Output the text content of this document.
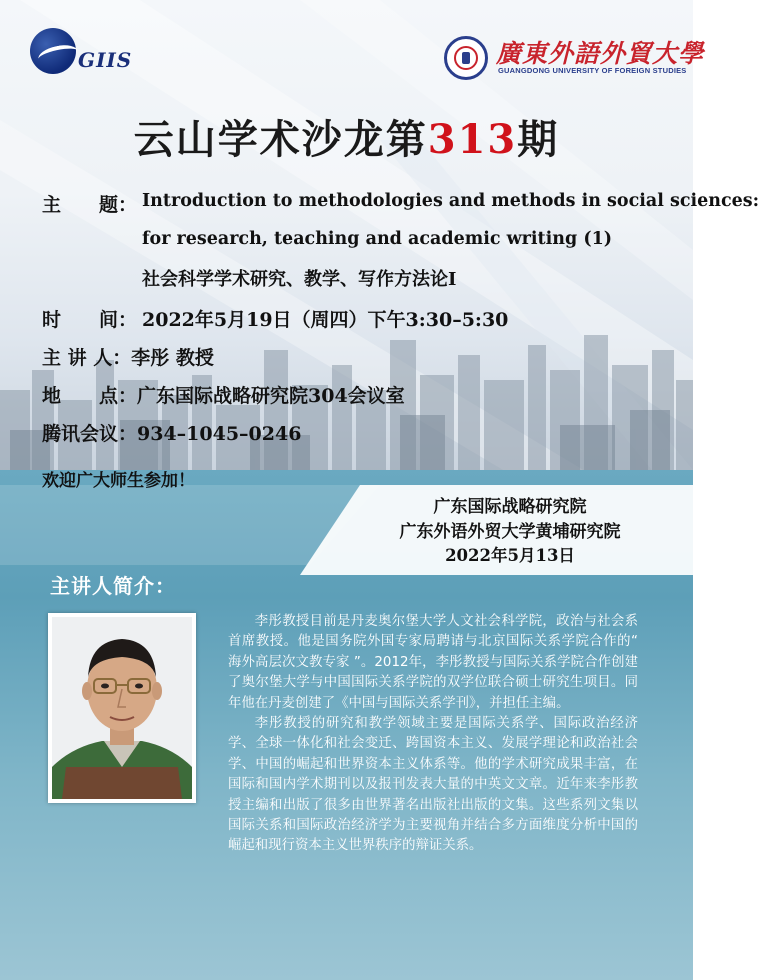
GIIS	廣東外語外貿大學
GUANGDONG UNIVERSITY OF FOREIGN STUDIES
云山学术沙龙第313期
主　　题： Introduction to methodologies and methods in social sciences:
for research, teaching and academic writing (1)
社会科学学术研究、教学、写作方法论I
时　　间： 2022年5月19日（周四）下午3:30–5:30
主 讲 人：李彤 教授
地　　点：广东国际战略研究院304会议室
腾讯会议：934–1045–0246
欢迎广大师生参加！
广东国际战略研究院
广东外语外贸大学黄埔研究院
2022年5月13日
主讲人简介：

李彤教授目前是丹麦奥尔堡大学人文社会科学院，政治与社会系首席教授。他是国务院外国专家局聘请与北京国际关系学院合作的“ 海外高层次文教专家 ”。2012年，李彤教授与国际关系学院合作创建了奥尔堡大学与中国国际关系学院的双学位联合硕士研究生项目。同年他在丹麦创建了《中国与国际关系学刊》，并担任主编。

李彤教授的研究和教学领域主要是国际关系学、国际政治经济学、全球一体化和社会变迁、跨国资本主义、发展学理论和政治社会学、中国的崛起和世界资本主义体系等。他的学术研究成果丰富，在国际和国内学术期刊以及报刊发表大量的中英文文章。近年来李彤教授主编和出版了很多由世界著名出版社出版的文集。这些系列文集以国际关系和国际政治经济学为主要视角并结合多方面维度分析中国的崛起和现行资本主义世界秩序的辩证关系。
